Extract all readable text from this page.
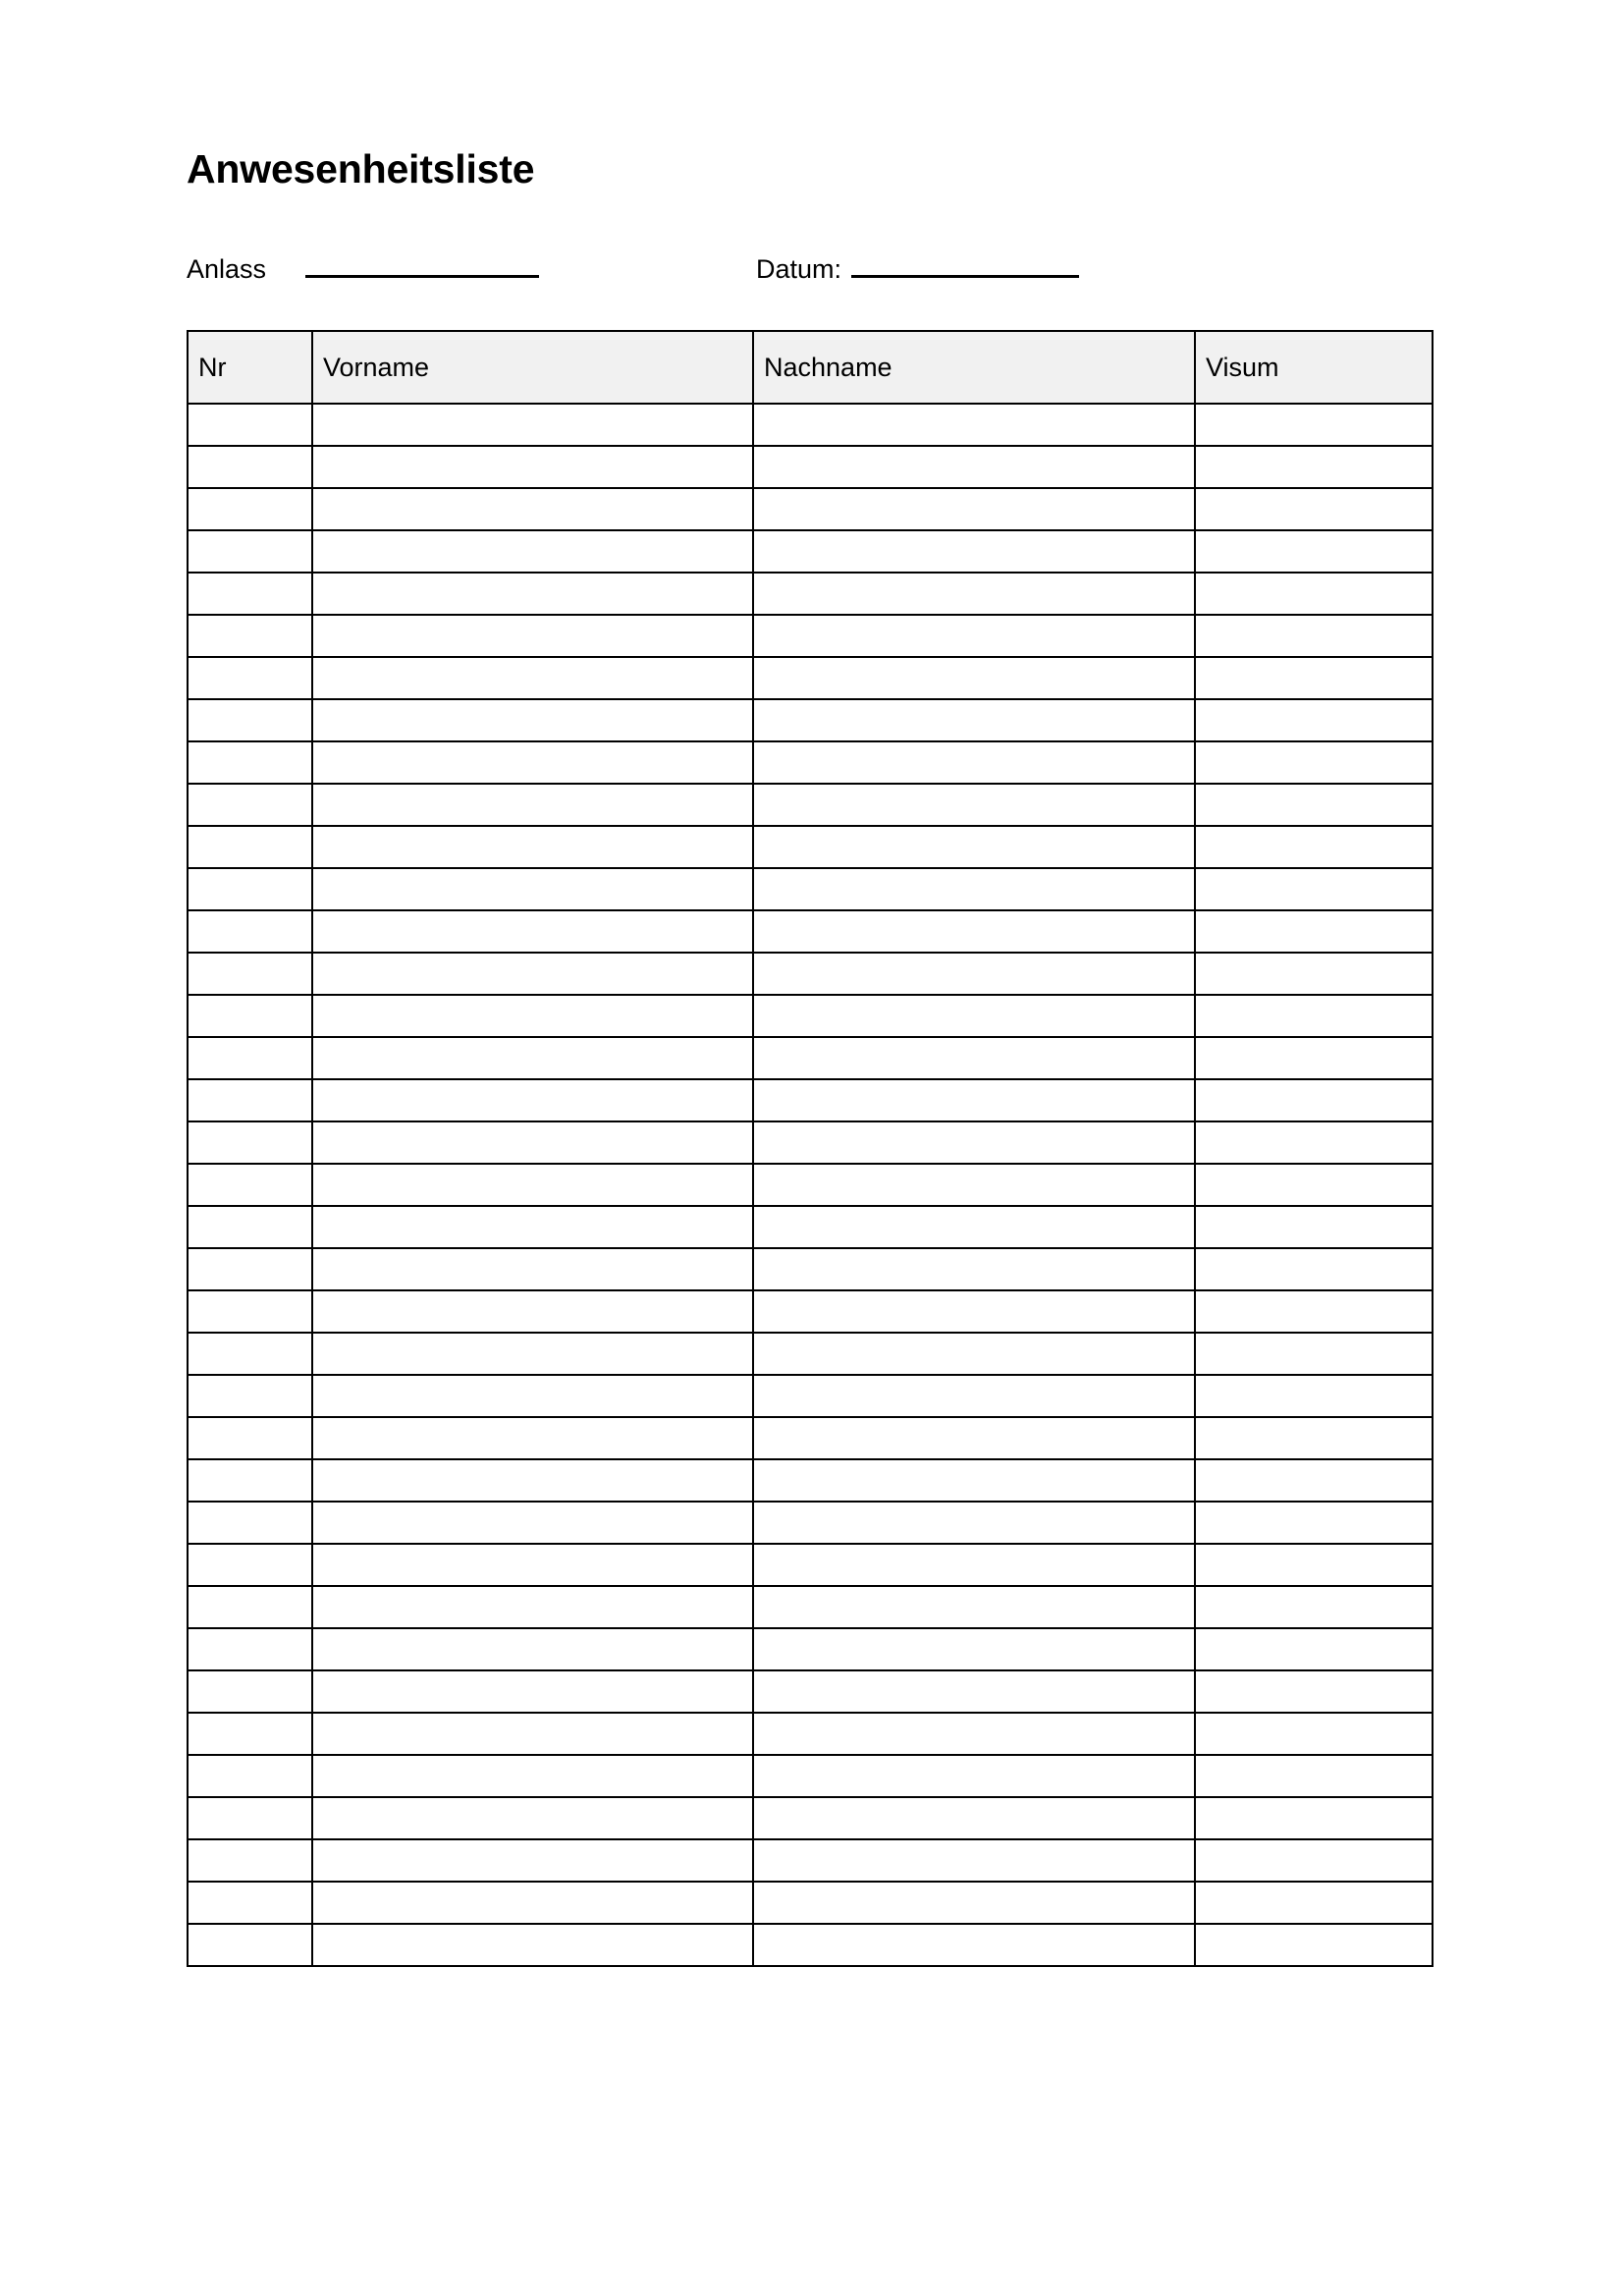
Anwesenheitsliste
Anlass	Datum:
Nr	Vorname	Nachname	Visum
